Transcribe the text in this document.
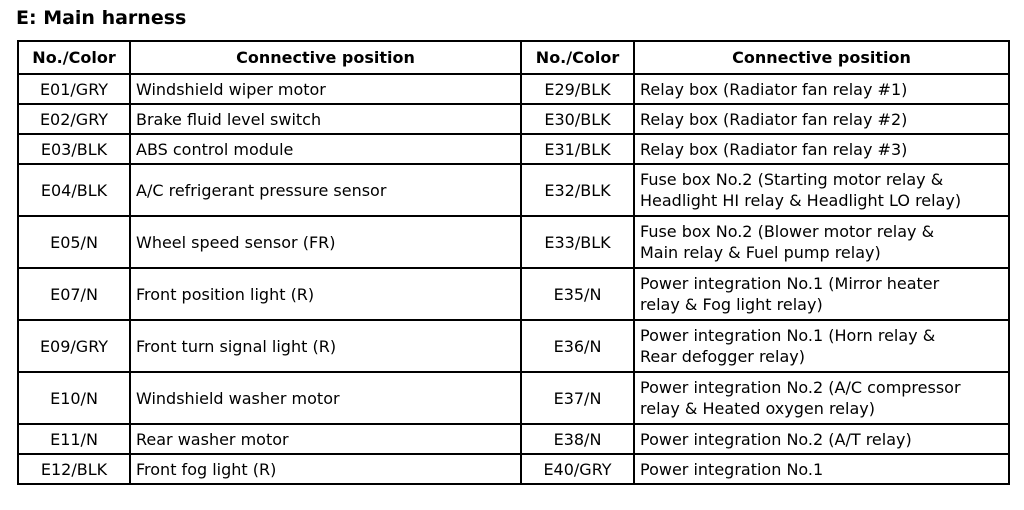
E: Main harness
No./Color	Connective position	No./Color	Connective position
E01/GRY	Windshield wiper motor	E29/BLK	Relay box (Radiator fan relay #1)

E02/GRY	Brake fluid level switch	E30/BLK	Relay box (Radiator fan relay #2)

E03/BLK	ABS control module	E31/BLK	Relay box (Radiator fan relay #3)

E04/BLK	A/C refrigerant pressure sensor	E32/BLK	Fuse box No.2 (Starting motor relay &
Headlight HI relay & Headlight LO relay)

E05/N	Wheel speed sensor (FR)	E33/BLK	Fuse box No.2 (Blower motor relay &
Main relay & Fuel pump relay)

E07/N	Front position light (R)	E35/N	Power integration No.1 (Mirror heater
relay & Fog light relay)

E09/GRY	Front turn signal light (R)	E36/N	Power integration No.1 (Horn relay &
Rear defogger relay)

E10/N	Windshield washer motor	E37/N	Power integration No.2 (A/C compressor
relay & Heated oxygen relay)

E11/N	Rear washer motor	E38/N	Power integration No.2 (A/T relay)

E12/BLK	Front fog light (R)	E40/GRY	Power integration No.1
